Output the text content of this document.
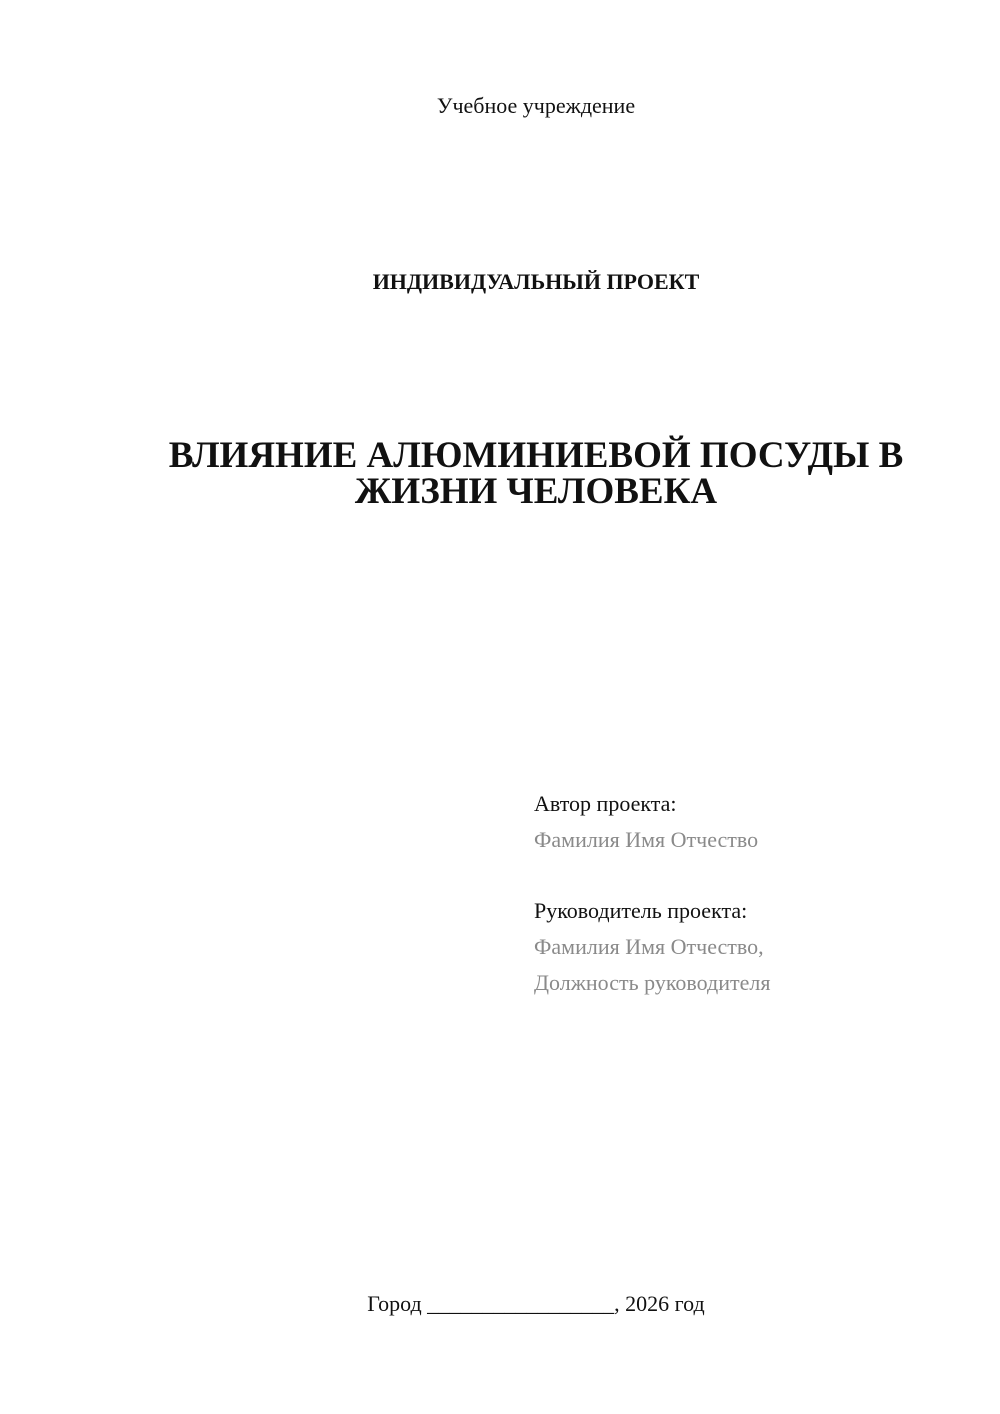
Учебное учреждение
ИНДИВИДУАЛЬНЫЙ ПРОЕКТ
ВЛИЯНИЕ АЛЮМИНИЕВОЙ ПОСУДЫ В
ЖИЗНИ ЧЕЛОВЕКА
Автор проекта:
Фамилия Имя Отчество
Руководитель проекта:
Фамилия Имя Отчество,
Должность руководителя
Город _________________, 2026 год
